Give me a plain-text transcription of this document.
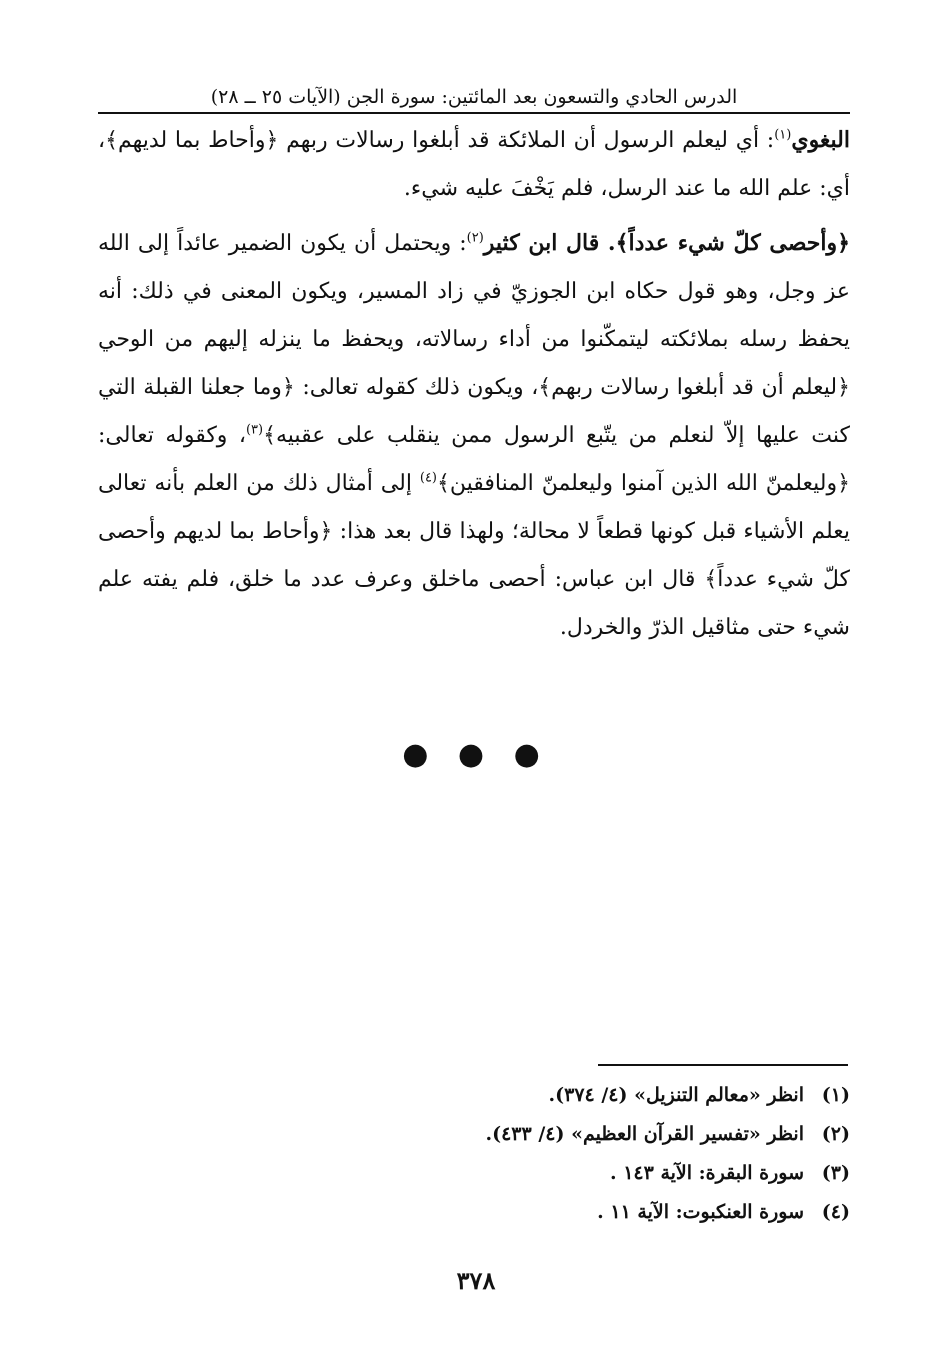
الدرس الحادي والتسعون بعد المائتين: سورة الجن (الآيات ٢٥ ــ ٢٨)

البغوي$^{(١)}$: أي ليعلم الرسول أن الملائكة قد أبلغوا رسالات ربهم ﴿وأحاط بما لديهم﴾، أي: علم الله ما عند الرسل، فلم يَخْفَ عليه شيء.

﴿وأحصى كلّ شيء عدداً﴾. قال ابن كثير$^{(٢)}$: ويحتمل أن يكون الضمير عائداً إلى الله عز وجل، وهو قول حكاه ابن الجوزيّ في زاد المسير، ويكون المعنى في ذلك: أنه يحفظ رسله بملائكته ليتمكّنوا من أداء رسالاته، ويحفظ ما ينزله إليهم من الوحي ﴿ليعلم أن قد أبلغوا رسالات ربهم﴾، ويكون ذلك كقوله تعالى: ﴿وما جعلنا القبلة التي كنت عليها إلاّ لنعلم من يتّبع الرسول ممن ينقلب على عقبيه﴾$^{(٣)}$، وكقوله تعالى: ﴿وليعلمنّ الله الذين آمنوا وليعلمنّ المنافقين﴾$^{(٤)}$ إلى أمثال ذلك من العلم بأنه تعالى يعلم الأشياء قبل كونها قطعاً لا محالة؛ ولهذا قال بعد هذا: ﴿وأحاط بما لديهم وأحصى كلّ شيء عدداً﴾ قال ابن عباس: أحصى ماخلق وعرف عدد ما خلق، فلم يفته علم شيء حتى مثاقيل الذرّ والخردل.

● ● ●
(١)انظر «معالم التنزيل» (٤/ ٣٧٤).
(٢)انظر «تفسير القرآن العظيم» (٤/ ٤٣٣).
(٣)سورة البقرة: الآية ١٤٣ .
(٤)سورة العنكبوت: الآية ١١ .
٣٧٨
